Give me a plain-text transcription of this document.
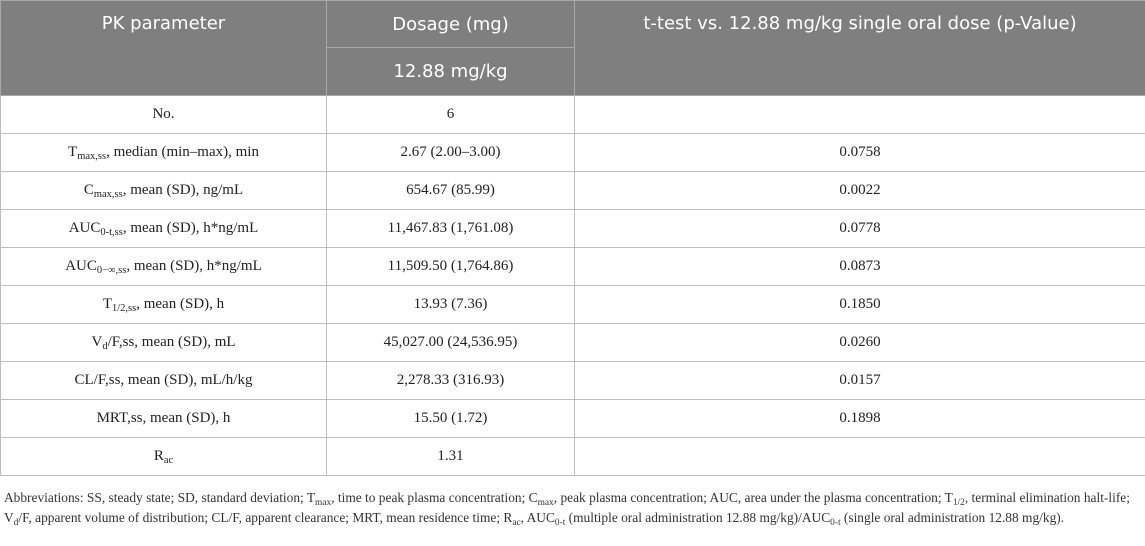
PK parameter	Dosage (mg)	t-test vs. 12.88 mg/kg single oral dose (p-Value)
	12.88 mg/kg	
No.	6	
$T_{max,ss}$, median (min–max), min	2.67 (2.00–3.00)	0.0758
$C_{max,ss}$, mean (SD), ng/mL	654.67 (85.99)	0.0022
$AUC_{0-t,ss}$, mean (SD), h*ng/mL	11,467.83 (1,761.08)	0.0778
$AUC_{0-\infty,ss}$, mean (SD), h*ng/mL	11,509.50 (1,764.86)	0.0873
$T_{1/2,ss}$, mean (SD), h	13.93 (7.36)	0.1850
$V_d/F,ss$, mean (SD), mL	45,027.00 (24,536.95)	0.0260
CL/F,ss, mean (SD), mL/h/kg	2,278.33 (316.93)	0.0157
MRT,ss, mean (SD), h	15.50 (1.72)	0.1898
$R_{ac}$	1.31	
Abbreviations: SS, steady state; SD, standard deviation; $T_{max}$, time to peak plasma concentration; $C_{max}$, peak plasma concentration; AUC, area under the plasma concentration; $T_{1/2}$, terminal elimination halt-life; $V_d/F$, apparent volume of distribution; CL/F, apparent clearance; MRT, mean residence time; $R_{ac}$, $AUC_{0-t}$ (multiple oral administration 12.88 $mg/kg)/AUC_{0-t}$ (single oral administration 12.88 mg/kg).
